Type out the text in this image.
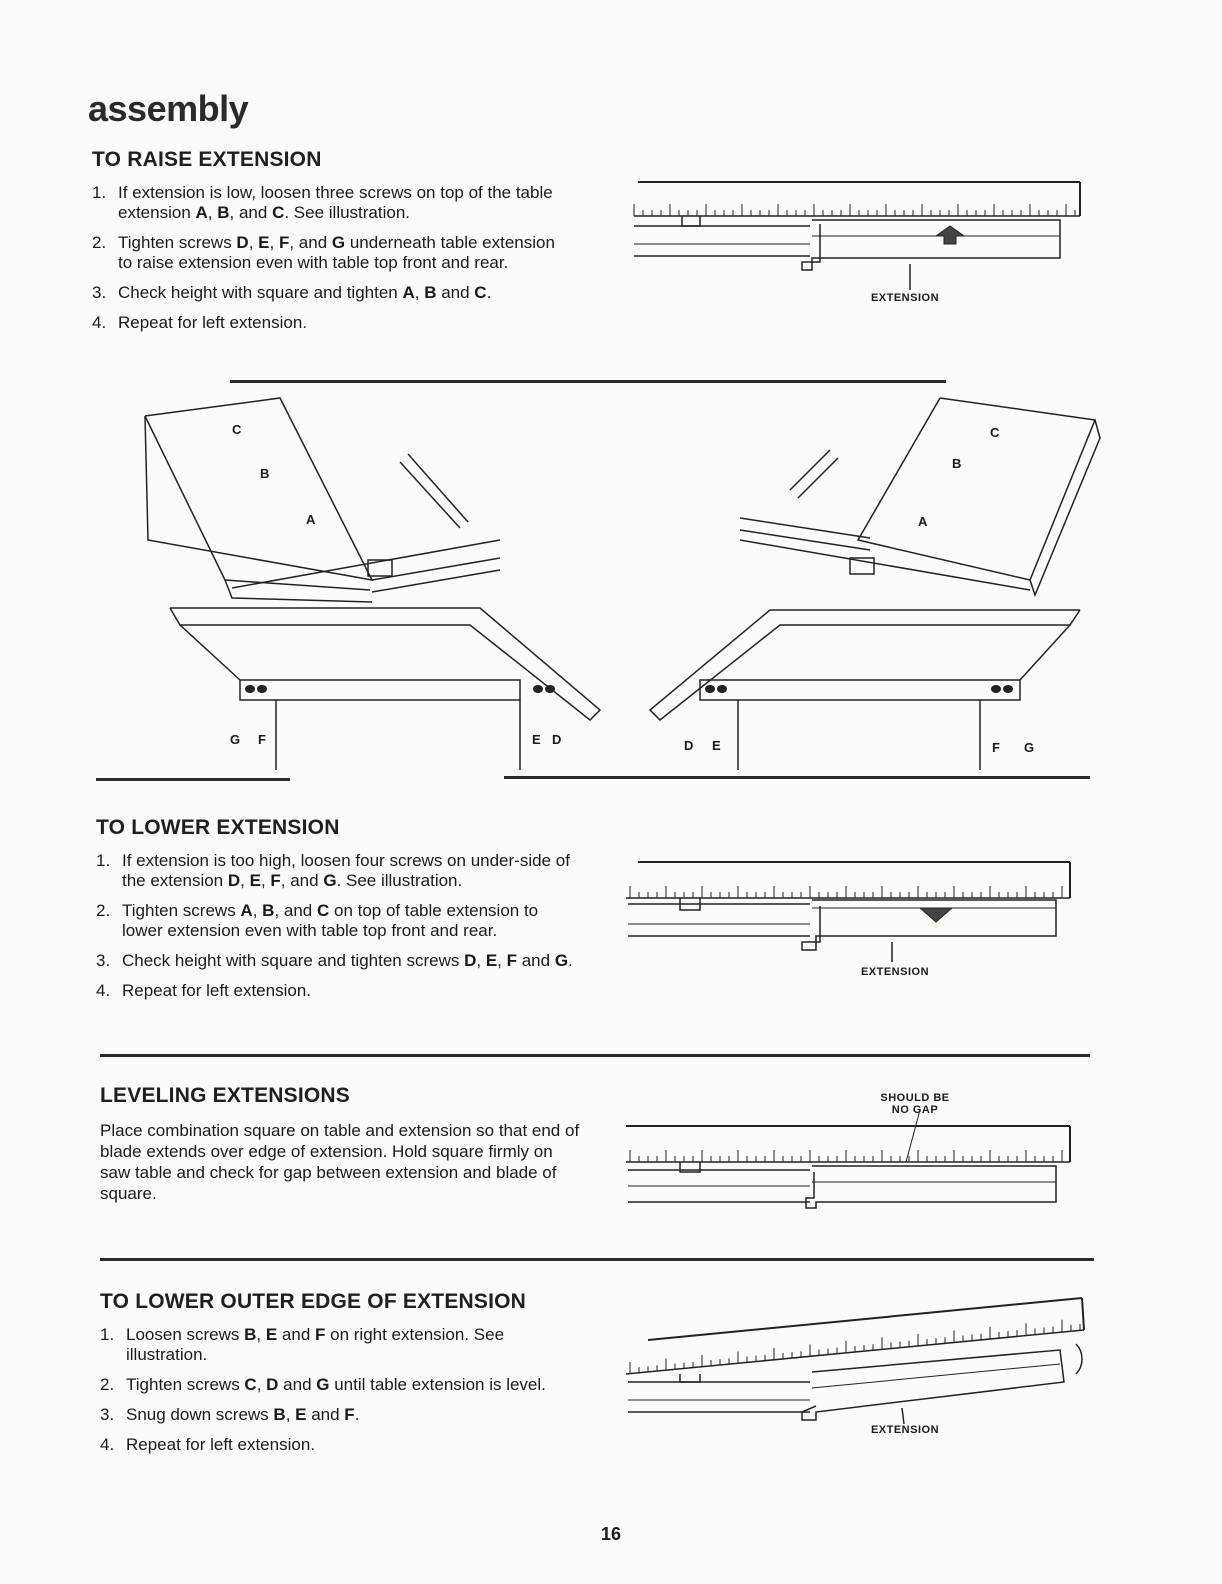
assembly
TO RAISE EXTENSION
1. If extension is low, loosen three screws on top of the table extension A, B, and C. See illustration.
2. Tighten screws D, E, F, and G underneath table extension to raise extension even with table top front and rear.
3. Check height with square and tighten A, B and C.
4. Repeat for left extension.
EXTENSION
C
B
A
C
B
A
G F	E D	D E	F G
TO LOWER EXTENSION
1. If extension is too high, loosen four screws on under-side of the extension D, E, F, and G. See illustration.
2. Tighten screws A, B, and C on top of table extension to lower extension even with table top front and rear.
3. Check height with square and tighten screws D, E, F and G.
4. Repeat for left extension.
EXTENSION
LEVELING EXTENSIONS
Place combination square on table and extension so that end of blade extends over edge of extension. Hold square firmly on saw table and check for gap between extension and blade of square.
SHOULD BE
NO GAP
TO LOWER OUTER EDGE OF EXTENSION
1. Loosen screws B, E and F on right extension. See illustration.
2. Tighten screws C, D and G until table extension is level.
3. Snug down screws B, E and F.
4. Repeat for left extension.
EXTENSION
16
